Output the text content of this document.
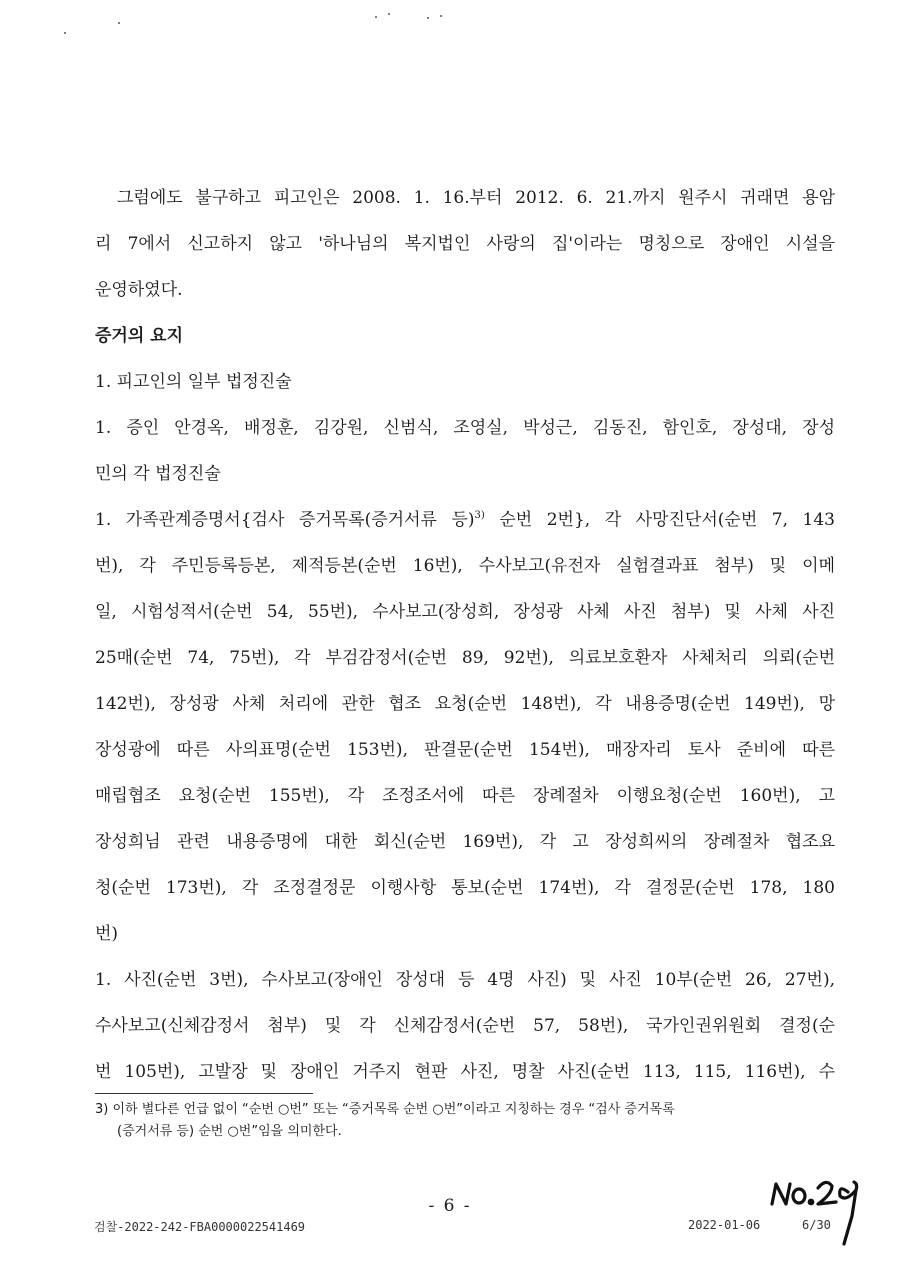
그럼에도 불구하고 피고인은 2008. 1. 16.부터 2012. 6. 21.까지 원주시 귀래면 용암
리 7에서 신고하지 않고 '하나님의 복지법인 사랑의 집'이라는 명칭으로 장애인 시설을
운영하였다.
증거의 요지
1. 피고인의 일부 법정진술
1. 증인 안경옥, 배정훈, 김강원, 신범식, 조영실, 박성근, 김동진, 함인호, 장성대, 장성
민의 각 법정진술
1. 가족관계증명서{검사 증거목록(증거서류 등)$^{3)}$ 순번 2번}, 각 사망진단서(순번 7, 143
번), 각 주민등록등본, 제적등본(순번 16번), 수사보고(유전자 실험결과표 첨부) 및 이메
일, 시험성적서(순번 54, 55번), 수사보고(장성희, 장성광 사체 사진 첨부) 및 사체 사진
25매(순번 74, 75번), 각 부검감정서(순번 89, 92번), 의료보호환자 사체처리 의뢰(순번
142번), 장성광 사체 처리에 관한 협조 요청(순번 148번), 각 내용증명(순번 149번), 망
장성광에 따른 사의표명(순번 153번), 판결문(순번 154번), 매장자리 토사 준비에 따른
매립협조 요청(순번 155번), 각 조정조서에 따른 장례절차 이행요청(순번 160번), 고
장성희님 관련 내용증명에 대한 회신(순번 169번), 각 고 장성희씨의 장례절차 협조요
청(순번 173번), 각 조정결정문 이행사항 통보(순번 174번), 각 결정문(순번 178, 180
번)
1. 사진(순번 3번), 수사보고(장애인 장성대 등 4명 사진) 및 사진 10부(순번 26, 27번),
수사보고(신체감정서 첨부) 및 각 신체감정서(순번 57, 58번), 국가인권위원회 결정(순
번 105번), 고발장 및 장애인 거주지 현판 사진, 명찰 사진(순번 113, 115, 116번), 수
3) 이하 별다른 언급 없이 “순번 ○번” 또는 “증거목록 순번 ○번”이라고 지칭하는 경우 “검사 증거목록
(증거서류 등) 순번 ○번”임을 의미한다.
- 6 -
검찰-2022-242-FBA0000022541469	2022-01-06	6/30
